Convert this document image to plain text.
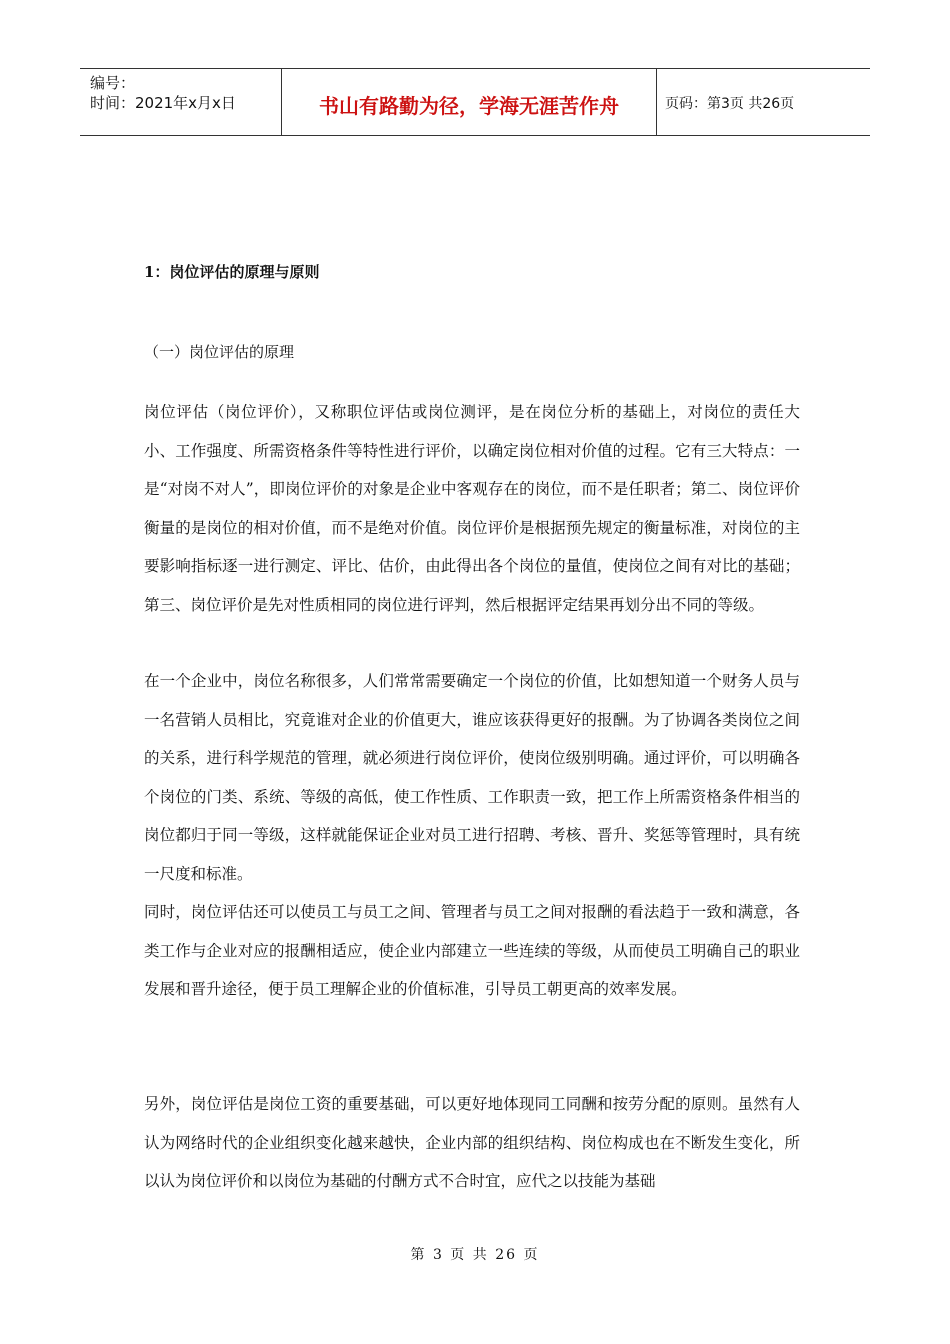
编号：
时间：2021年x月x日	书山有路勤为径，学海无涯苦作舟	页码：第3页 共26页

1：岗位评估的原理与原则

（一）岗位评估的原理

岗位评估（岗位评价），又称职位评估或岗位测评，是在岗位分析的基础上，对岗位的责任大小、工作强度、所需资格条件等特性进行评价，以确定岗位相对价值的过程。它有三大特点：一是“对岗不对人”，即岗位评价的对象是企业中客观存在的岗位，而不是任职者；第二、岗位评价衡量的是岗位的相对价值，而不是绝对价值。岗位评价是根据预先规定的衡量标准，对岗位的主要影响指标逐一进行测定、评比、估价，由此得出各个岗位的量值，使岗位之间有对比的基础；第三、岗位评价是先对性质相同的岗位进行评判，然后根据评定结果再划分出不同的等级。

在一个企业中，岗位名称很多，人们常常需要确定一个岗位的价值，比如想知道一个财务人员与一名营销人员相比，究竟谁对企业的价值更大，谁应该获得更好的报酬。为了协调各类岗位之间的关系，进行科学规范的管理，就必须进行岗位评价，使岗位级别明确。通过评价，可以明确各个岗位的门类、系统、等级的高低，使工作性质、工作职责一致，把工作上所需资格条件相当的岗位都归于同一等级，这样就能保证企业对员工进行招聘、考核、晋升、奖惩等管理时，具有统一尺度和标准。

同时，岗位评估还可以使员工与员工之间、管理者与员工之间对报酬的看法趋于一致和满意，各类工作与企业对应的报酬相适应，使企业内部建立一些连续的等级，从而使员工明确自己的职业发展和晋升途径，便于员工理解企业的价值标准，引导员工朝更高的效率发展。

另外，岗位评估是岗位工资的重要基础，可以更好地体现同工同酬和按劳分配的原则。虽然有人认为网络时代的企业组织变化越来越快，企业内部的组织结构、岗位构成也在不断发生变化，所以认为岗位评价和以岗位为基础的付酬方式不合时宜，应代之以技能为基础

第 3 页 共 26 页
